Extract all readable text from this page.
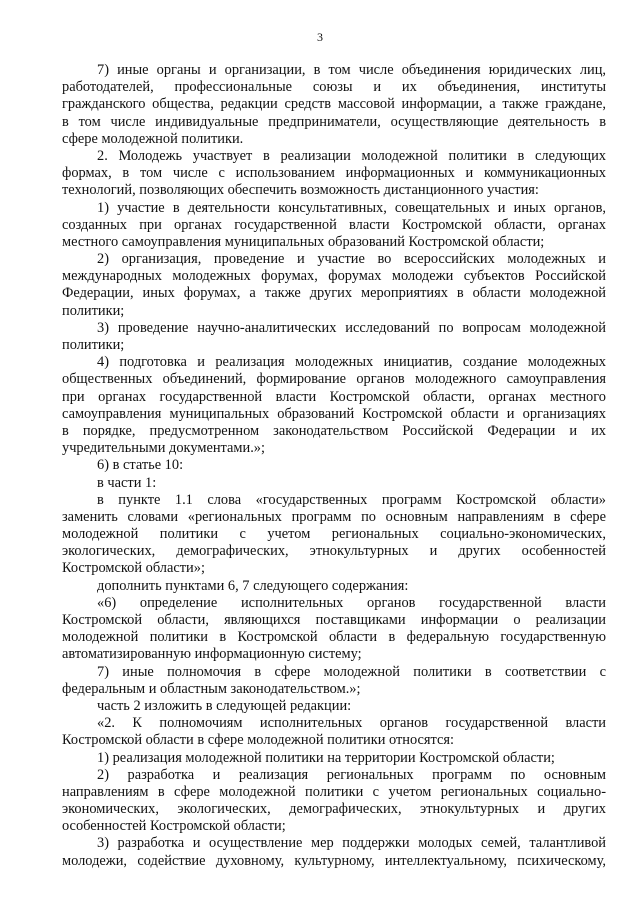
3
7) иные органы и организации, в том числе объединения юридических лиц,
работодателей, профессиональные союзы и их объединения, институты
гражданского общества, редакции средств массовой информации, а также граждане,
в том числе индивидуальные предприниматели, осуществляющие деятельность в
сфере молодежной политики.
2. Молодежь участвует в реализации молодежной политики в следующих
формах, в том числе с использованием информационных и коммуникационных
технологий, позволяющих обеспечить возможность дистанционного участия:
1) участие в деятельности консультативных, совещательных и иных органов,
созданных при органах государственной власти Костромской области, органах
местного самоуправления муниципальных образований Костромской области;
2) организация, проведение и участие во всероссийских молодежных и
международных молодежных форумах, форумах молодежи субъектов Российской
Федерации, иных форумах, а также других мероприятиях в области молодежной
политики;
3) проведение научно-аналитических исследований по вопросам молодежной
политики;
4) подготовка и реализация молодежных инициатив, создание молодежных
общественных объединений, формирование органов молодежного самоуправления
при органах государственной власти Костромской области, органах местного
самоуправления муниципальных образований Костромской области и организациях
в порядке, предусмотренном законодательством Российской Федерации и их
учредительными документами.»;
6) в статье 10:
в части 1:
в пункте 1.1 слова «государственных программ Костромской области»
заменить словами «региональных программ по основным направлениям в сфере
молодежной политики с учетом региональных социально-экономических,
экологических, демографических, этнокультурных и других особенностей
Костромской области»;
дополнить пунктами 6, 7 следующего содержания:
«6) определение исполнительных органов государственной власти
Костромской области, являющихся поставщиками информации о реализации
молодежной политики в Костромской области в федеральную государственную
автоматизированную информационную систему;
7) иные полномочия в сфере молодежной политики в соответствии с
федеральным и областным законодательством.»;
часть 2 изложить в следующей редакции:
«2. К полномочиям исполнительных органов государственной власти
Костромской области в сфере молодежной политики относятся:
1) реализация молодежной политики на территории Костромской области;
2) разработка и реализация региональных программ по основным
направлениям в сфере молодежной политики с учетом региональных социально-
экономических, экологических, демографических, этнокультурных и других
особенностей Костромской области;
3) разработка и осуществление мер поддержки молодых семей, талантливой
молодежи, содействие духовному, культурному, интеллектуальному, психическому,
